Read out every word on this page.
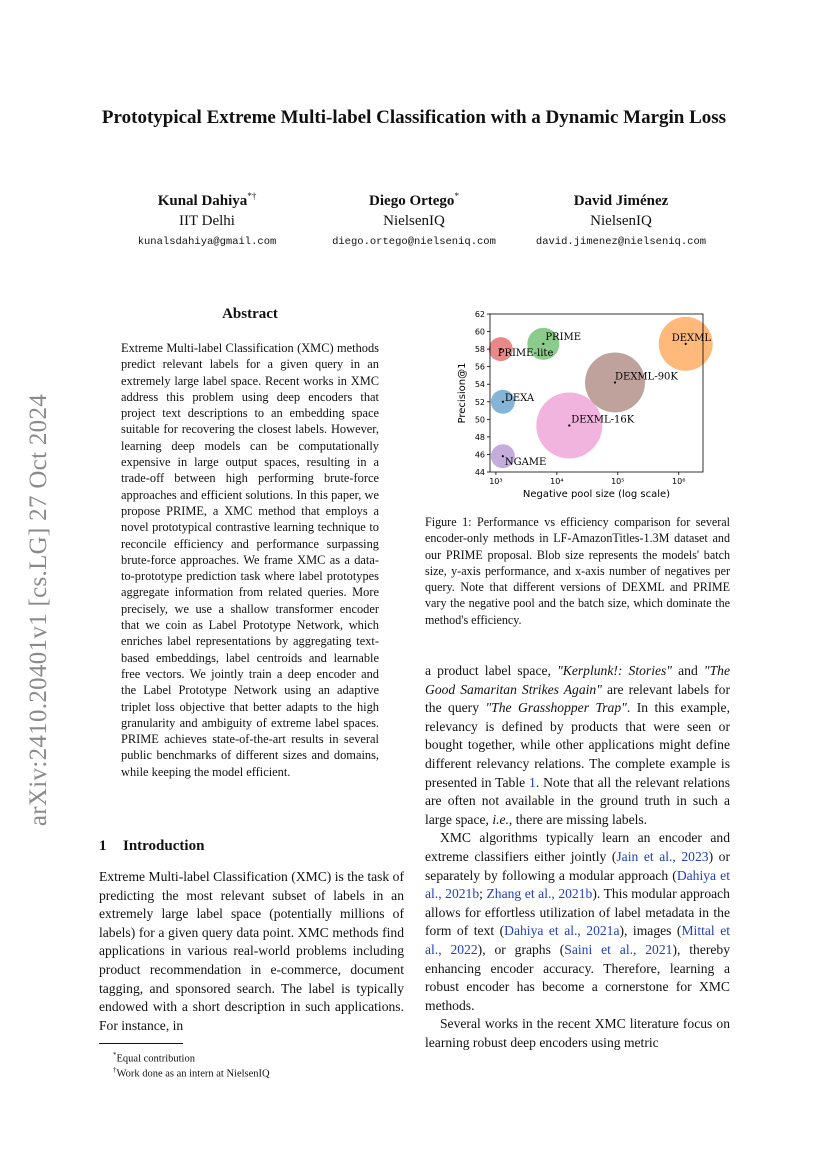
arXiv:2410.20401v1 [cs.LG] 27 Oct 2024
Prototypical Extreme Multi-label Classification with a Dynamic Margin Loss
Kunal Dahiya*†
IIT Delhi
kunalsdahiya@gmail.com
Diego Ortego*
NielsenIQ
diego.ortego@nielseniq.com
David Jiménez
NielsenIQ
david.jimenez@nielseniq.com
Abstract
Extreme Multi-label Classification (XMC) methods predict relevant labels for a given query in an extremely large label space. Recent works in XMC address this problem using deep encoders that project text descriptions to an embedding space suitable for recovering the closest labels. However, learning deep models can be computationally expensive in large output spaces, resulting in a trade-off between high performing brute-force approaches and efficient solutions. In this paper, we propose PRIME, a XMC method that employs a novel prototypical contrastive learning technique to reconcile efficiency and performance surpassing brute-force approaches. We frame XMC as a data-to-prototype prediction task where label prototypes aggregate information from related queries. More precisely, we use a shallow transformer encoder that we coin as Label Prototype Network, which enriches label representations by aggregating text-based embeddings, label centroids and learnable free vectors. We jointly train a deep encoder and the Label Prototype Network using an adaptive triplet loss objective that better adapts to the high granularity and ambiguity of extreme label spaces. PRIME achieves state-of-the-art results in several public benchmarks of different sizes and domains, while keeping the model efficient.
1 Introduction
Extreme Multi-label Classification (XMC) is the task of predicting the most relevant subset of labels in an extremely large label space (potentially millions of labels) for a given query data point. XMC methods find applications in various real-world problems including product recommendation in e-commerce, document tagging, and sponsored search. The label is typically endowed with a short description in such applications. For instance, in
*Equal contribution
†Work done as an intern at NielsenIQ
PRIME-lite
PRIME	DEXML
DEXML-90K
DEXA
DEXML-16K
NGAME
44
46
48
50
52
54
56
58
60
62
10³	10⁴	10⁵	10⁶
Negative pool size (log scale)
Precision@1
Figure 1: Performance vs efficiency comparison for several encoder-only methods in LF-AmazonTitles-1.3M dataset and our PRIME proposal. Blob size represents the models' batch size, y-axis performance, and x-axis number of negatives per query. Note that different versions of DEXML and PRIME vary the negative pool and the batch size, which dominate the method's efficiency.

a product label space, "Kerplunk!: Stories" and "The Good Samaritan Strikes Again" are relevant labels for the query "The Grasshopper Trap". In this example, relevancy is defined by products that were seen or bought together, while other applications might define different relevancy relations. The complete example is presented in Table 1. Note that all the relevant relations are often not available in the ground truth in such a large space, i.e., there are missing labels.

XMC algorithms typically learn an encoder and extreme classifiers either jointly (Jain et al., 2023) or separately by following a modular approach (Dahiya et al., 2021b; Zhang et al., 2021b). This modular approach allows for effortless utilization of label metadata in the form of text (Dahiya et al., 2021a), images (Mittal et al., 2022), or graphs (Saini et al., 2021), thereby enhancing encoder accuracy. Therefore, learning a robust encoder has become a cornerstone for XMC methods.

Several works in the recent XMC literature focus on learning robust deep encoders using metric
